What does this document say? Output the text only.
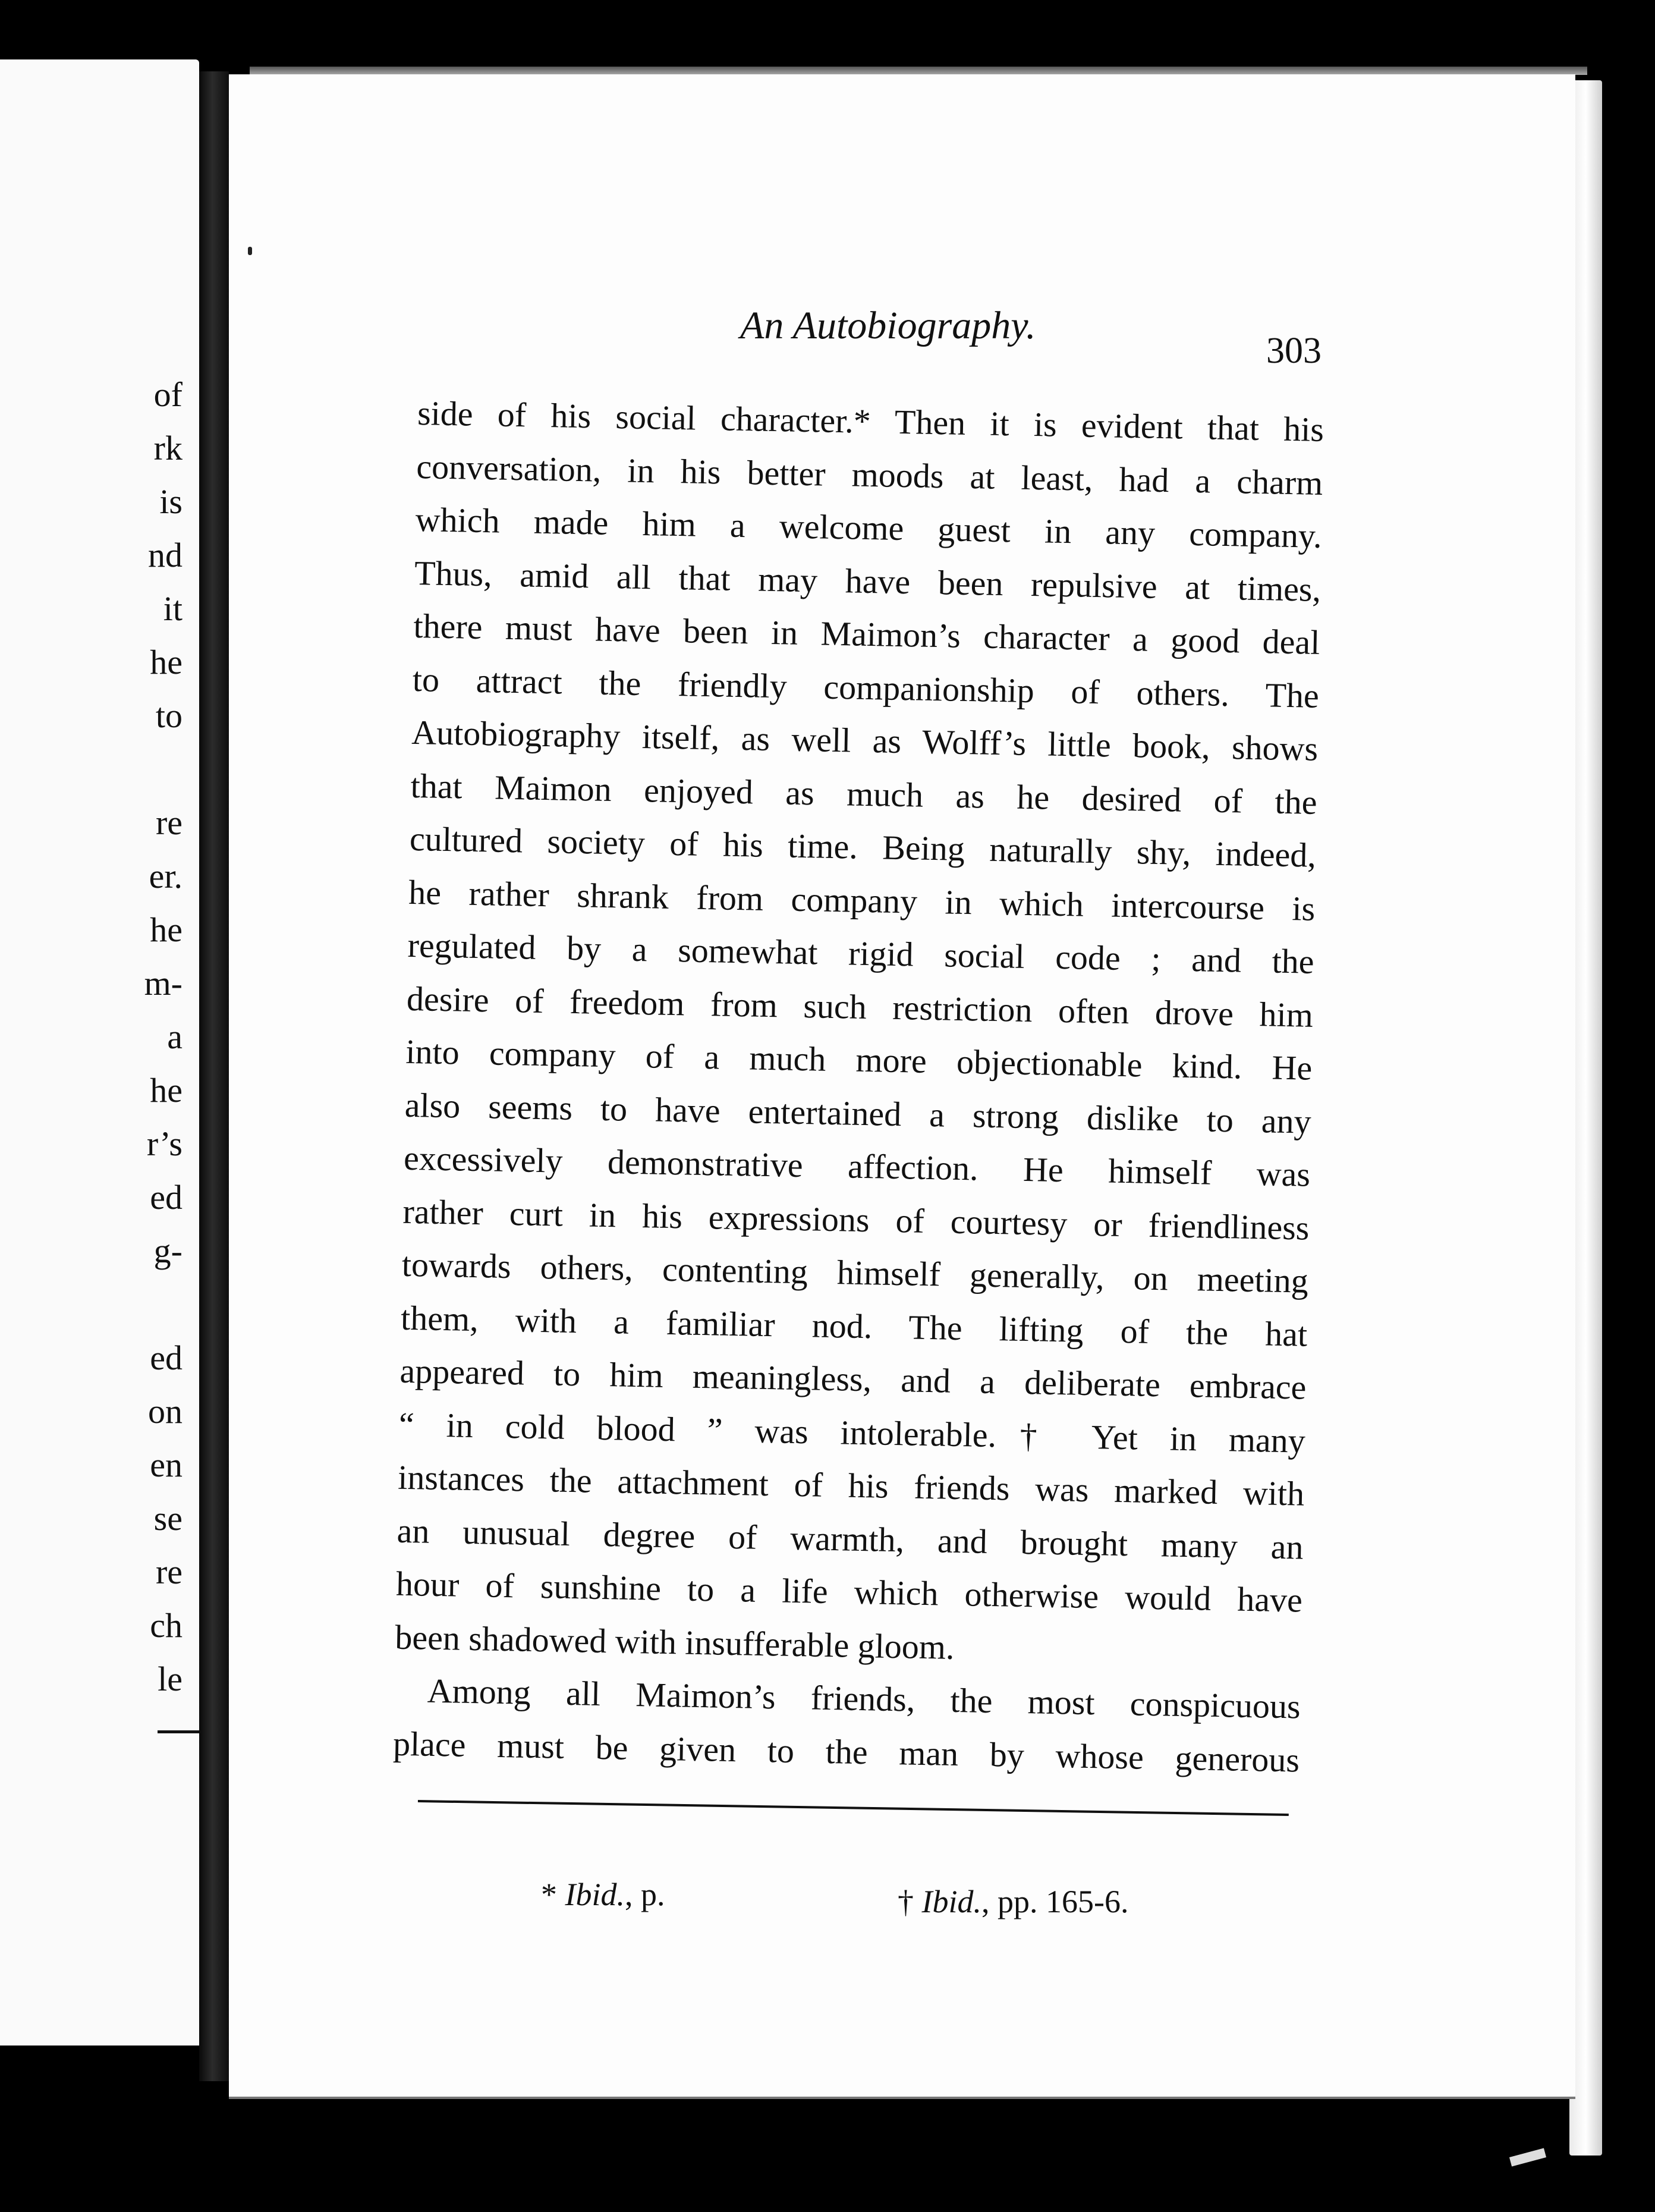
of
rk
is
nd
it
he
to
re
er.
he
m-
a
he
r’s
ed
g-
ed
on
en
se
re
ch
le
An Autobiography.
303
side of his social character.* Then it is evident that his
conversation, in his better moods at least, had a charm
which made him a welcome guest in any company.
Thus, amid all that may have been repulsive at times,
there must have been in Maimon’s character a good deal
to attract the friendly companionship of others. The
Autobiography itself, as well as Wolff’s little book, shows
that Maimon enjoyed as much as he desired of the
cultured society of his time. Being naturally shy, indeed,
he rather shrank from company in which intercourse is
regulated by a somewhat rigid social code ; and the
desire of freedom from such restriction often drove him
into company of a much more objectionable kind. He
also seems to have entertained a strong dislike to any
excessively demonstrative affection. He himself was
rather curt in his expressions of courtesy or friendliness
towards others, contenting himself generally, on meeting
them, with a familiar nod. The lifting of the hat
appeared to him meaningless, and a deliberate embrace
“ in cold blood ” was intolerable.† Yet in many
instances the attachment of his friends was marked with
an unusual degree of warmth, and brought many an
hour of sunshine to a life which otherwise would have
been shadowed with insufferable gloom.
Among all Maimon’s friends, the most conspicuous
place must be given to the man by whose generous
* Ibid., p.	† Ibid., pp. 165-6.
